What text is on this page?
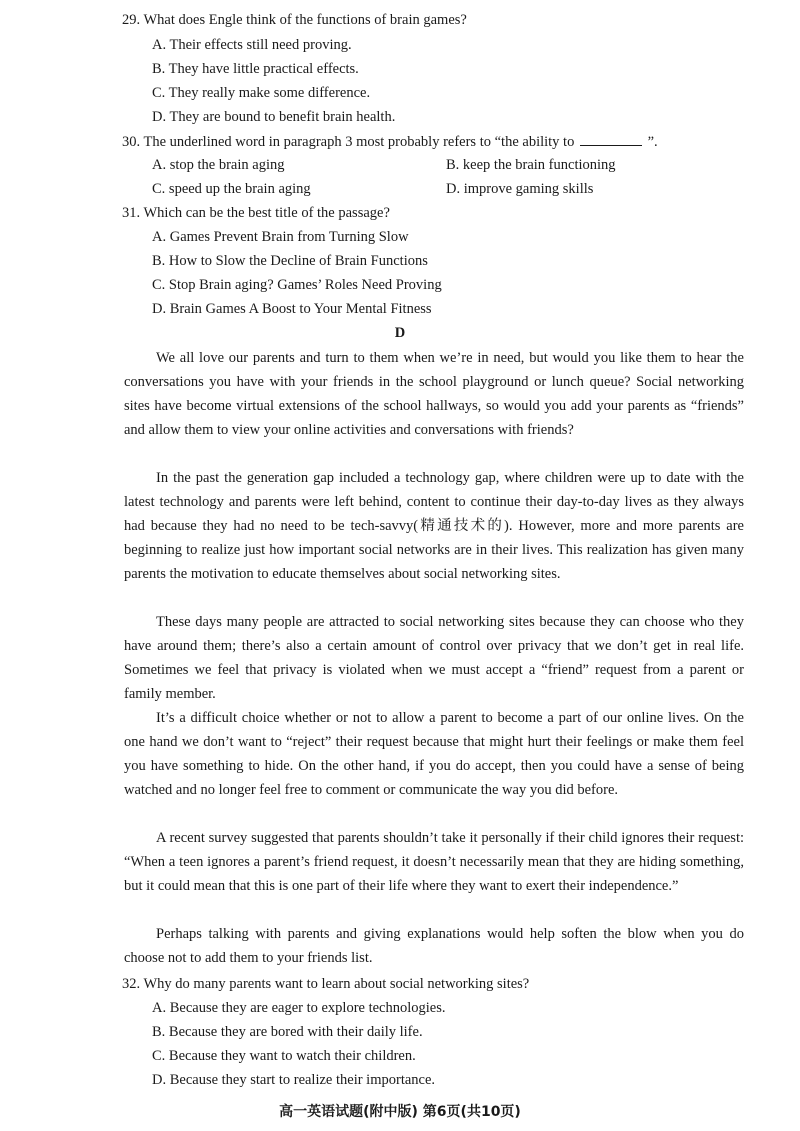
29. What does Engle think of the functions of brain games?
A. Their effects still need proving.
B. They have little practical effects.
C. They really make some difference.
D. They are bound to benefit brain health.
30. The underlined word in paragraph 3 most probably refers to “the ability to	”.
A. stop the brain aging	B. keep the brain functioning
C. speed up the brain aging	D. improve gaming skills
31. Which can be the best title of the passage?
A. Games Prevent Brain from Turning Slow
B. How to Slow the Decline of Brain Functions
C. Stop Brain aging? Games’ Roles Need Proving
D. Brain Games A Boost to Your Mental Fitness
D

We all love our parents and turn to them when we’re in need, but would you like them to hear the conversations you have with your friends in the school playground or lunch queue? Social networking sites have become virtual extensions of the school hallways, so would you add your parents as “friends” and allow them to view your online activities and conversations with friends?

In the past the generation gap included a technology gap, where children were up to date with the latest technology and parents were left behind, content to continue their day-to-day lives as they always had because they had no need to be tech-savvy(精通技术的). However, more and more parents are beginning to realize just how important social networks are in their lives. This realization has given many parents the motivation to educate themselves about social networking sites.

These days many people are attracted to social networking sites because they can choose who they have around them; there’s also a certain amount of control over privacy that we don’t get in real life. Sometimes we feel that privacy is violated when we must accept a “friend” request from a parent or family member.

It’s a difficult choice whether or not to allow a parent to become a part of our online lives. On the one hand we don’t want to “reject” their request because that might hurt their feelings or make them feel you have something to hide. On the other hand, if you do accept, then you could have a sense of being watched and no longer feel free to comment or communicate the way you did before.

A recent survey suggested that parents shouldn’t take it personally if their child ignores their request: “When a teen ignores a parent’s friend request, it doesn’t necessarily mean that they are hiding something, but it could mean that this is one part of their life where they want to exert their independence.”

Perhaps talking with parents and giving explanations would help soften the blow when you do choose not to add them to your friends list.

32. Why do many parents want to learn about social networking sites?
A. Because they are eager to explore technologies.
B. Because they are bored with their daily life.
C. Because they want to watch their children.
D. Because they start to realize their importance.
高一英语试题(附中版) 第6页(共10页)
